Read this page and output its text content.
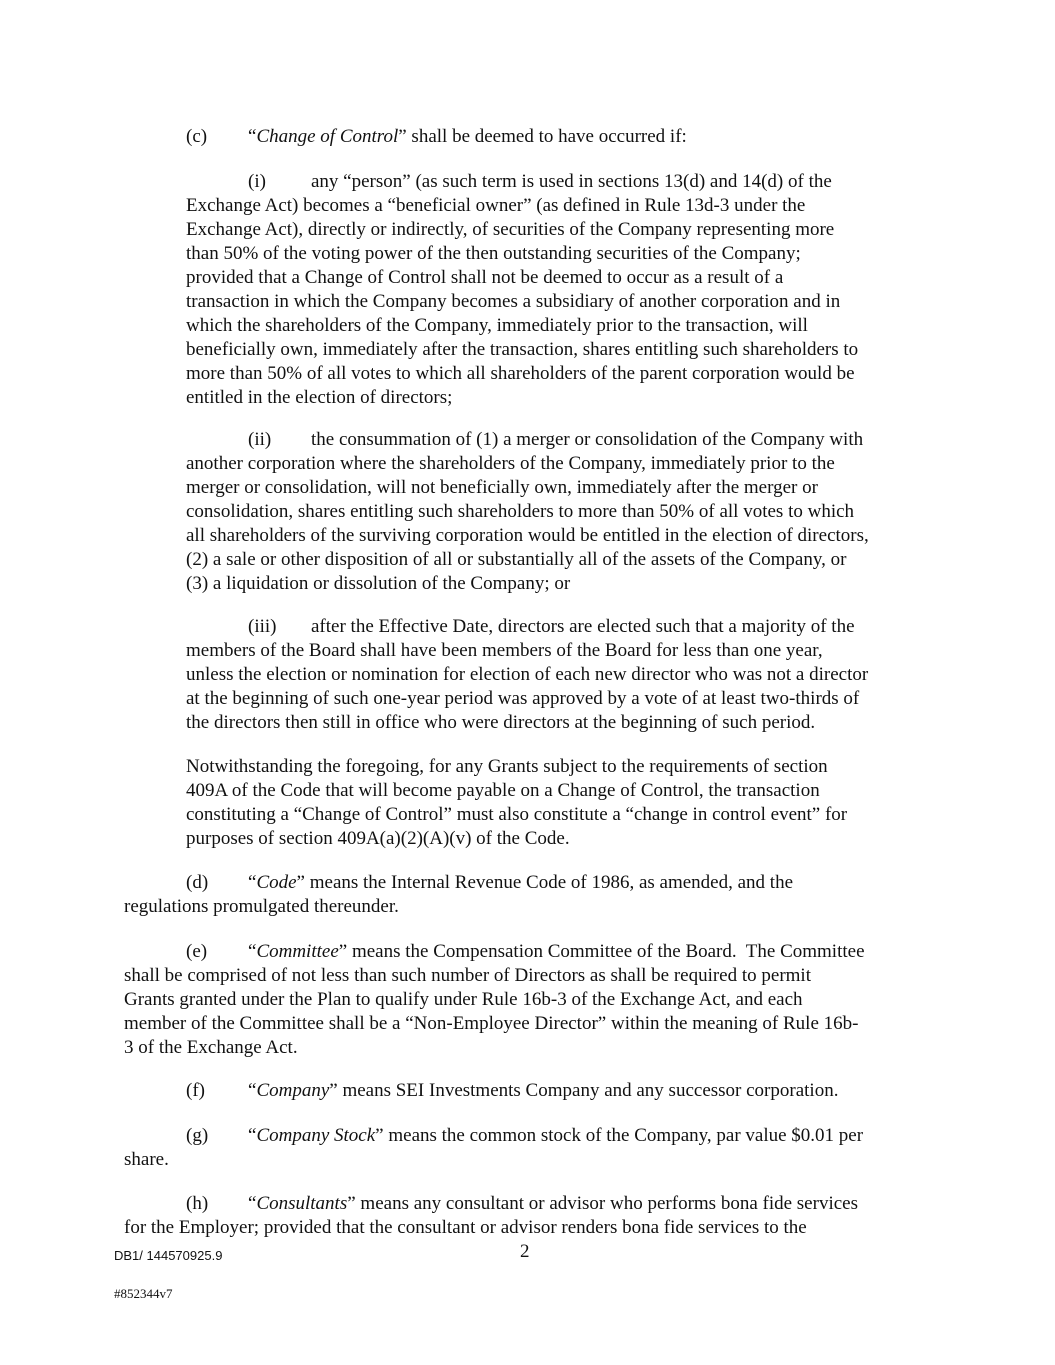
(c) “Change of Control” shall be deemed to have occurred if:

(i) any “person” (as such term is used in sections 13(d) and 14(d) of the
Exchange Act) becomes a “beneficial owner” (as defined in Rule 13d-3 under the
Exchange Act), directly or indirectly, of securities of the Company representing more
than 50% of the voting power of the then outstanding securities of the Company;
provided that a Change of Control shall not be deemed to occur as a result of a
transaction in which the Company becomes a subsidiary of another corporation and in
which the shareholders of the Company, immediately prior to the transaction, will
beneficially own, immediately after the transaction, shares entitling such shareholders to
more than 50% of all votes to which all shareholders of the parent corporation would be
entitled in the election of directors;
(ii) the consummation of (1) a merger or consolidation of the Company with
another corporation where the shareholders of the Company, immediately prior to the
merger or consolidation, will not beneficially own, immediately after the merger or
consolidation, shares entitling such shareholders to more than 50% of all votes to which
all shareholders of the surviving corporation would be entitled in the election of directors,
(2) a sale or other disposition of all or substantially all of the assets of the Company, or
(3) a liquidation or dissolution of the Company; or
(iii) after the Effective Date, directors are elected such that a majority of the
members of the Board shall have been members of the Board for less than one year,
unless the election or nomination for election of each new director who was not a director
at the beginning of such one-year period was approved by a vote of at least two-thirds of
the directors then still in office who were directors at the beginning of such period.
Notwithstanding the foregoing, for any Grants subject to the requirements of section
409A of the Code that will become payable on a Change of Control, the transaction
constituting a “Change of Control” must also constitute a “change in control event” for
purposes of section 409A(a)(2)(A)(v) of the Code.
(d) “Code” means the Internal Revenue Code of 1986, as amended, and the
regulations promulgated thereunder.
(e) “Committee” means the Compensation Committee of the Board.  The Committee
shall be comprised of not less than such number of Directors as shall be required to permit
Grants granted under the Plan to qualify under Rule 16b-3 of the Exchange Act, and each
member of the Committee shall be a “Non-Employee Director” within the meaning of Rule 16b-
3 of the Exchange Act.
(f) “Company” means SEI Investments Company and any successor corporation.
(g) “Company Stock” means the common stock of the Company, par value $0.01 per
share.
(h) “Consultants” means any consultant or advisor who performs bona fide services
for the Employer; provided that the consultant or advisor renders bona fide services to the
2
DB1/ 144570925.9
#852344v7
